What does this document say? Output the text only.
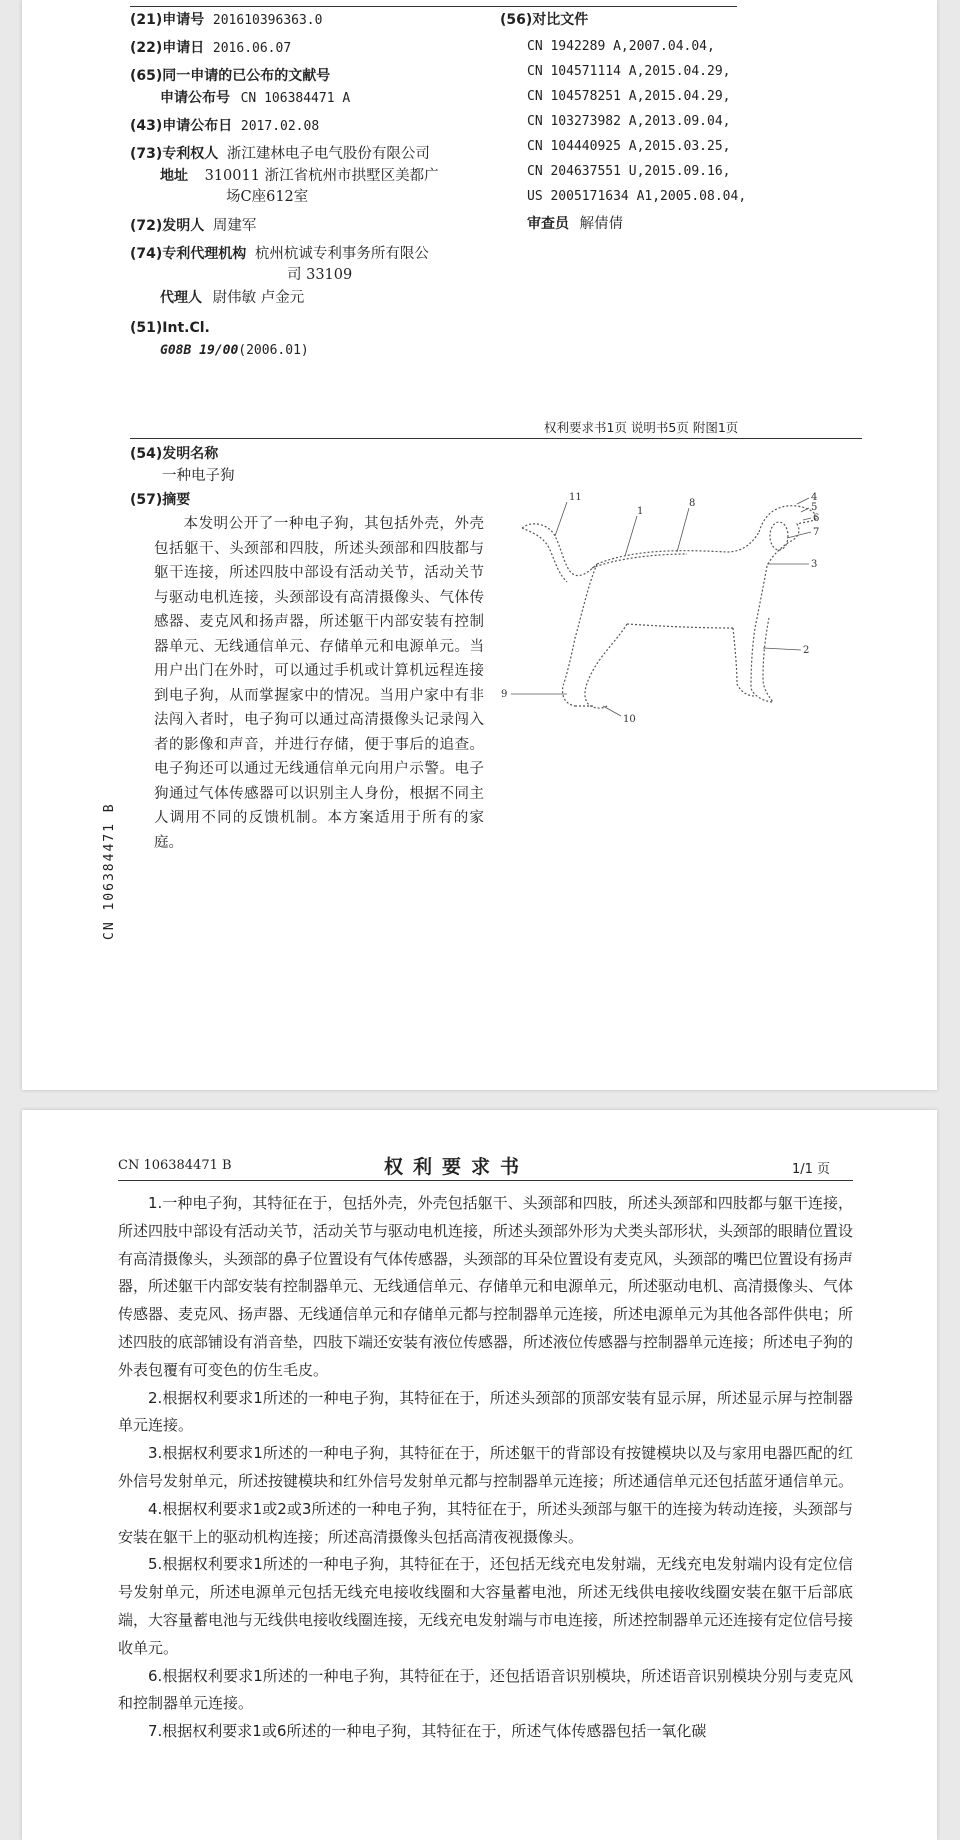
(21)申请号 201610396363.0
(22)申请日 2016.06.07
(65)同一申请的已公布的文献号
申请公布号 CN 106384471 A
(43)申请公布日 2017.02.08
(73)专利权人 浙江建林电子电气股份有限公司
地址 310011 浙江省杭州市拱墅区美都广
场C座612室
(72)发明人 周建军
(74)专利代理机构 杭州杭诚专利事务所有限公
司 33109
代理人 尉伟敏 卢金元
(51)Int.Cl.
G08B 19/00(2006.01)
(56)对比文件
CN 1942289 A,2007.04.04,
CN 104571114 A,2015.04.29,
CN 104578251 A,2015.04.29,
CN 103273982 A,2013.09.04,
CN 104440925 A,2015.03.25,
CN 204637551 U,2015.09.16,
US 2005171634 A1,2005.08.04,
审查员 解倩倩
权利要求书1页 说明书5页 附图1页
(54)发明名称
一种电子狗
(57)摘要
本发明公开了一种电子狗，其包括外壳，外壳包括躯干、头颈部和四肢，所述头颈部和四肢都与躯干连接，所述四肢中部设有活动关节，活动关节与驱动电机连接，头颈部设有高清摄像头、气体传感器、麦克风和扬声器，所述躯干内部安装有控制器单元、无线通信单元、存储单元和电源单元。当用户出门在外时，可以通过手机或计算机远程连接到电子狗，从而掌握家中的情况。当用户家中有非法闯入者时，电子狗可以通过高清摄像头记录闯入者的影像和声音，并进行存储，便于事后的追查。电子狗还可以通过无线通信单元向用户示警。电子狗通过气体传感器可以识别主人身份，根据不同主人调用不同的反馈机制。本方案适用于所有的家庭。
11
1
8
4
5
6
7
3
2
9
10
CN 106384471 B
CN 106384471 B	权利要求书	1/1 页

1.一种电子狗，其特征在于，包括外壳，外壳包括躯干、头颈部和四肢，所述头颈部和四肢都与躯干连接，所述四肢中部设有活动关节，活动关节与驱动电机连接，所述头颈部外形为犬类头部形状，头颈部的眼睛位置设有高清摄像头，头颈部的鼻子位置设有气体传感器，头颈部的耳朵位置设有麦克风，头颈部的嘴巴位置设有扬声器，所述躯干内部安装有控制器单元、无线通信单元、存储单元和电源单元，所述驱动电机、高清摄像头、气体传感器、麦克风、扬声器、无线通信单元和存储单元都与控制器单元连接，所述电源单元为其他各部件供电；所述四肢的底部铺设有消音垫，四肢下端还安装有液位传感器，所述液位传感器与控制器单元连接；所述电子狗的外表包覆有可变色的仿生毛皮。

2.根据权利要求1所述的一种电子狗，其特征在于，所述头颈部的顶部安装有显示屏，所述显示屏与控制器单元连接。

3.根据权利要求1所述的一种电子狗，其特征在于，所述躯干的背部设有按键模块以及与家用电器匹配的红外信号发射单元，所述按键模块和红外信号发射单元都与控制器单元连接；所述通信单元还包括蓝牙通信单元。

4.根据权利要求1或2或3所述的一种电子狗，其特征在于，所述头颈部与躯干的连接为转动连接，头颈部与安装在躯干上的驱动机构连接；所述高清摄像头包括高清夜视摄像头。

5.根据权利要求1所述的一种电子狗，其特征在于，还包括无线充电发射端，无线充电发射端内设有定位信号发射单元，所述电源单元包括无线充电接收线圈和大容量蓄电池，所述无线供电接收线圈安装在躯干后部底端，大容量蓄电池与无线供电接收线圈连接，无线充电发射端与市电连接，所述控制器单元还连接有定位信号接收单元。

6.根据权利要求1所述的一种电子狗，其特征在于，还包括语音识别模块，所述语音识别模块分别与麦克风和控制器单元连接。

7.根据权利要求1或6所述的一种电子狗，其特征在于，所述气体传感器包括一氧化碳
